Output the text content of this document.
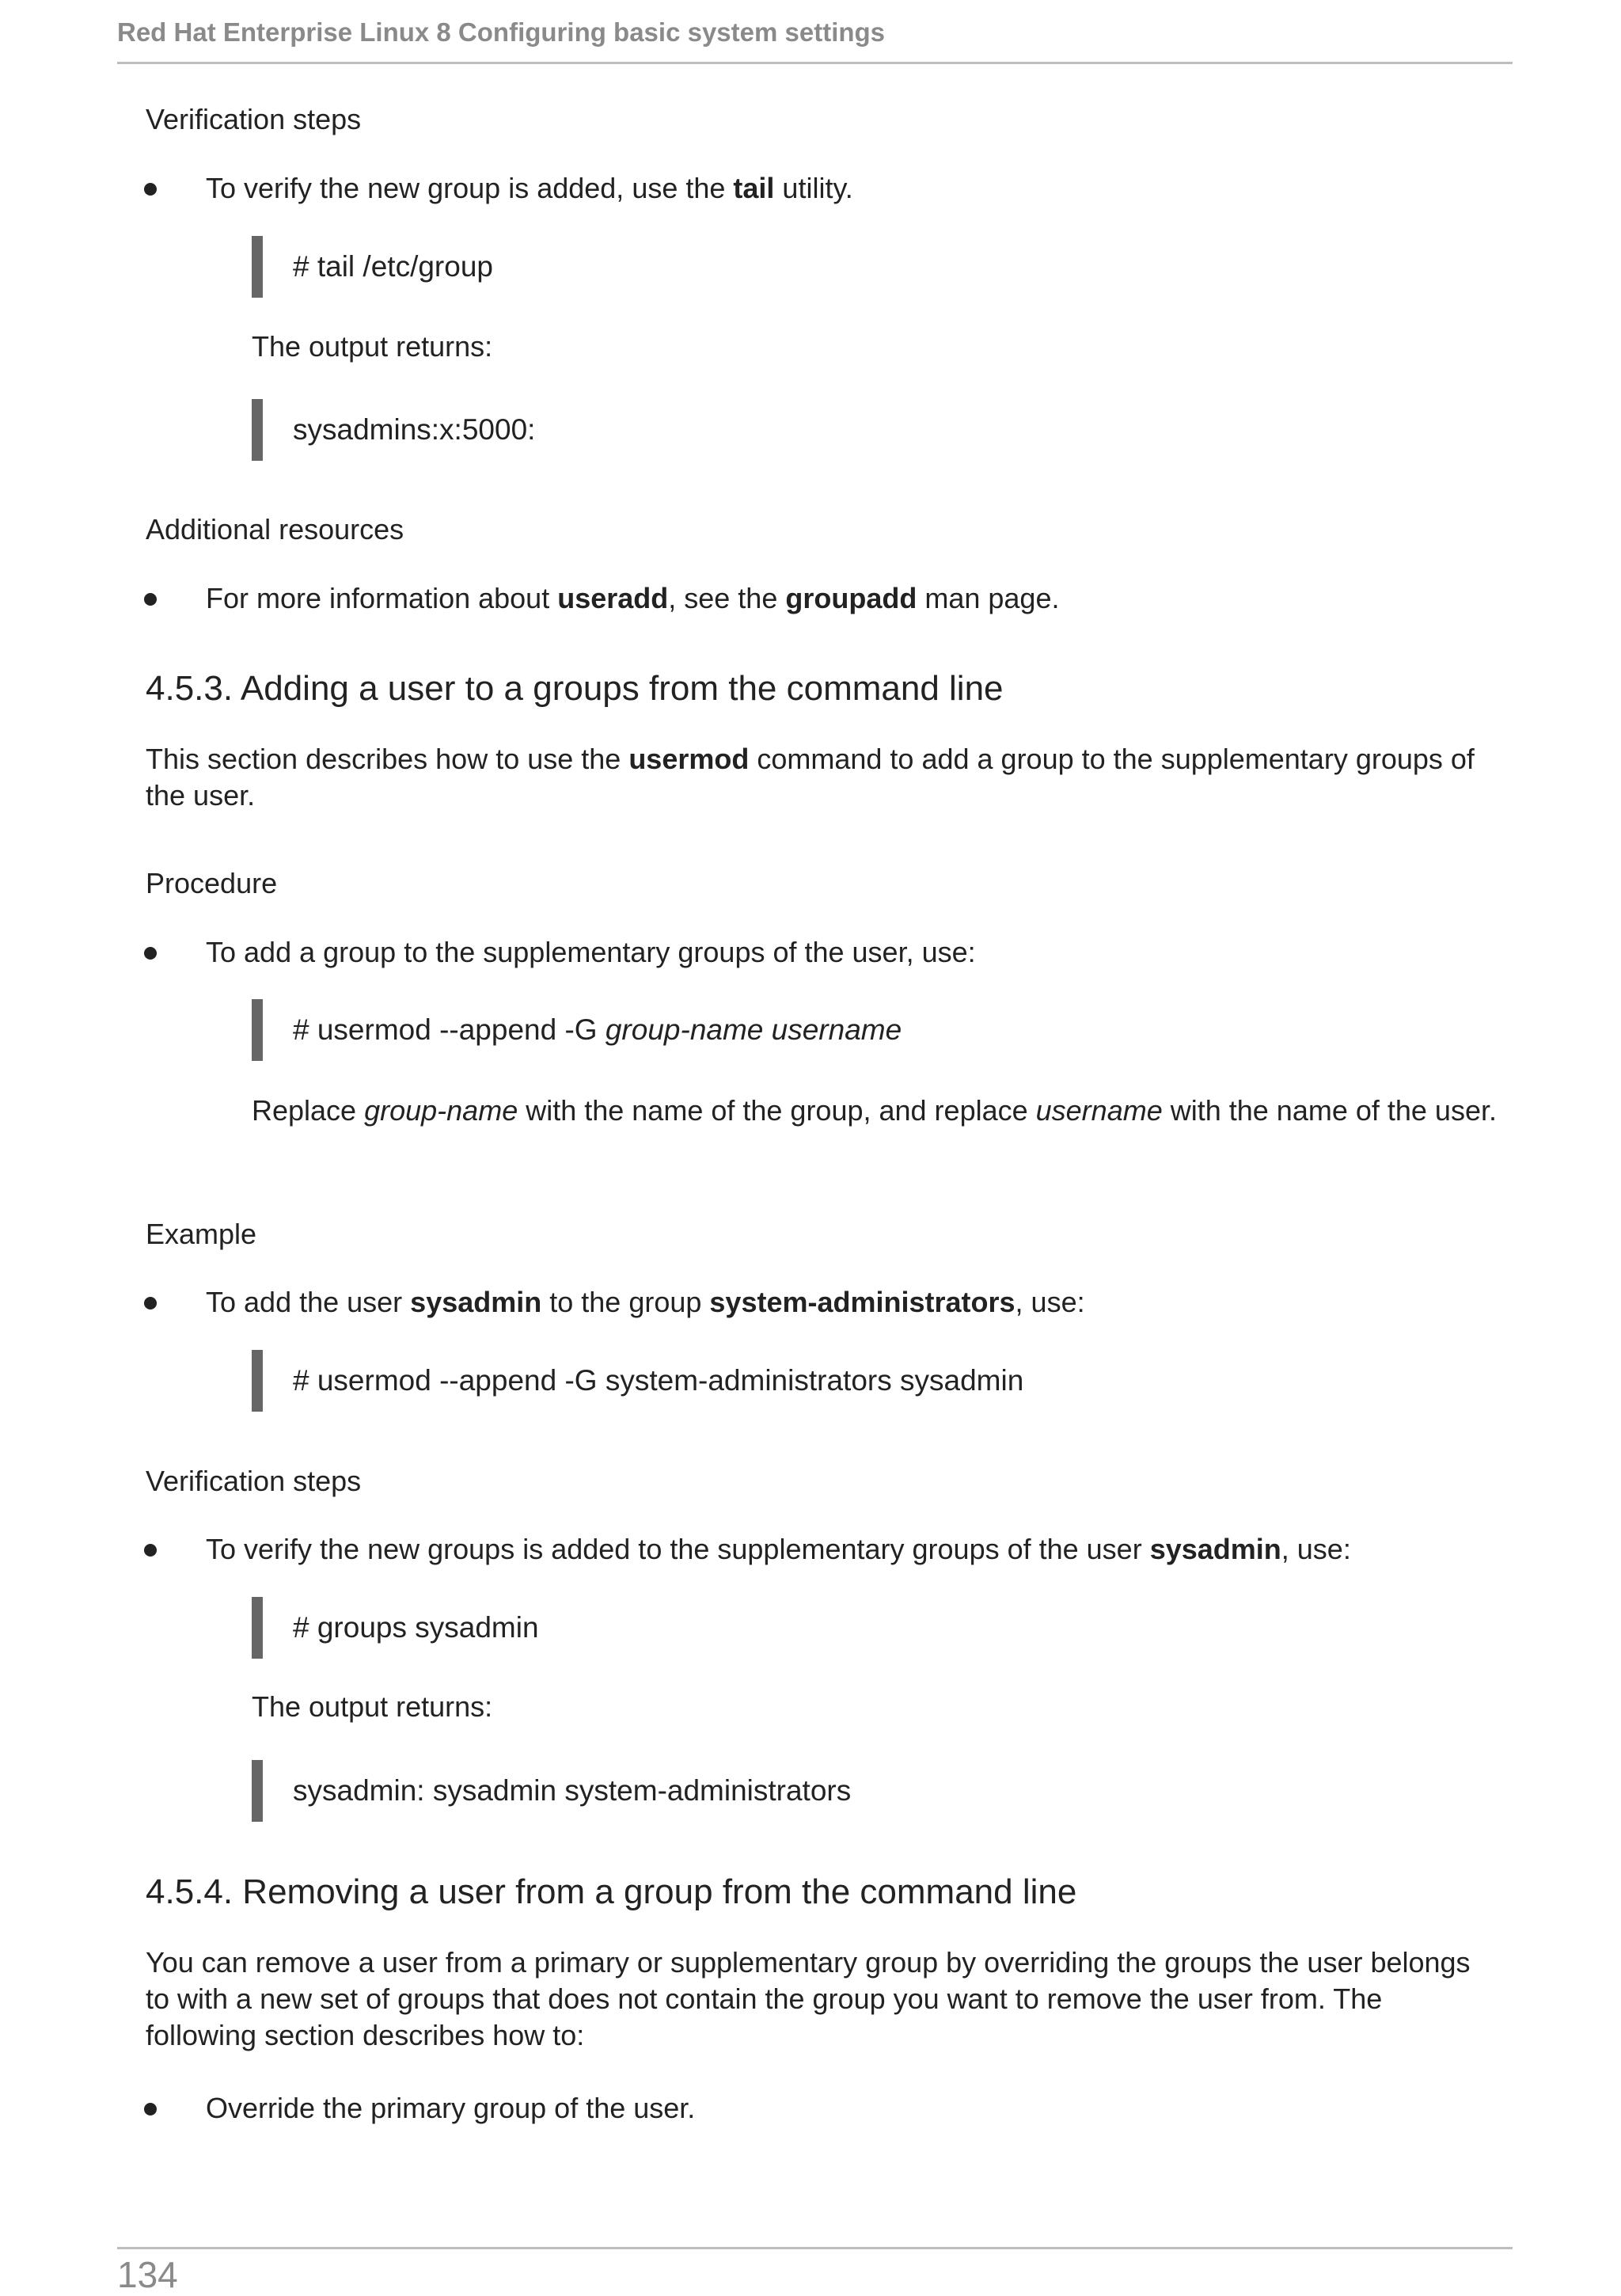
Red Hat Enterprise Linux 8 Configuring basic system settings
Verification steps
To verify the new group is added, use the tail utility.
# tail /etc/group
The output returns:
sysadmins:x:5000:
Additional resources
For more information about useradd, see the groupadd man page.
4.5.3. Adding a user to a groups from the command line
This section describes how to use the usermod command to add a group to the supplementary groups of the user.
Procedure
To add a group to the supplementary groups of the user, use:
# usermod --append -G group-name username
Replace group-name with the name of the group, and replace username with the name of the user.
Example
To add the user sysadmin to the group system-administrators, use:
# usermod --append -G system-administrators sysadmin
Verification steps
To verify the new groups is added to the supplementary groups of the user sysadmin, use:
# groups sysadmin
The output returns:
sysadmin: sysadmin system-administrators
4.5.4. Removing a user from a group from the command line
You can remove a user from a primary or supplementary group by overriding the groups the user belongs to with a new set of groups that does not contain the group you want to remove the user from. The following section describes how to:
Override the primary group of the user.
134
